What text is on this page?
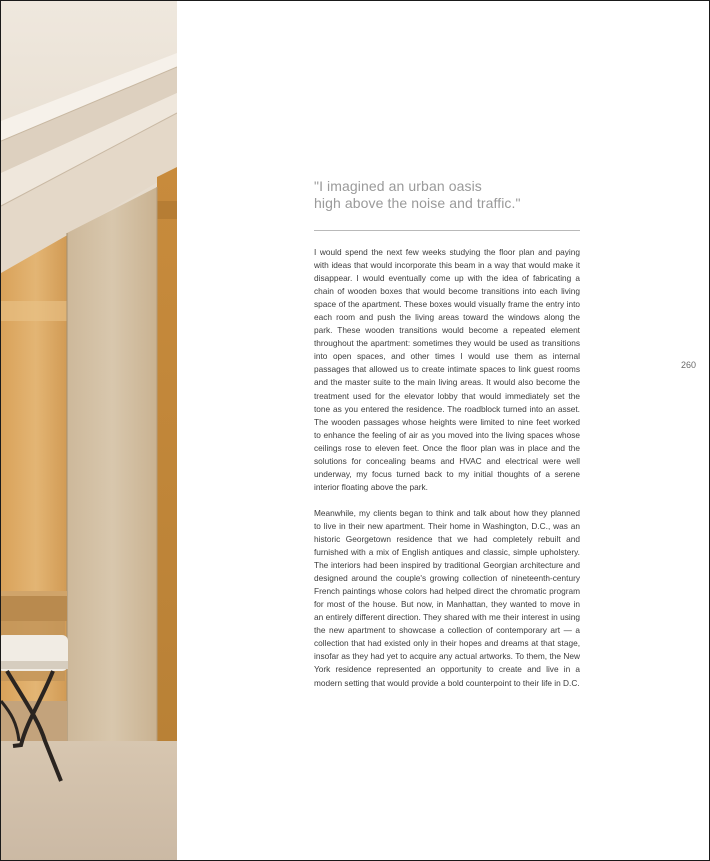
"I imagined an urban oasis
high above the noise and traffic."

I would spend the next few weeks studying the floor plan and paying with ideas that would incorporate this beam in a way that would make it disappear. I would eventually come up with the idea of fabricating a chain of wooden boxes that would become transitions into each living space of the apartment. These boxes would visually frame the entry into each room and push the living areas toward the windows along the park. These wooden transitions would become a repeated element throughout the apartment: sometimes they would be used as transitions into open spaces, and other times I would use them as internal passages that allowed us to create intimate spaces to link guest rooms and the master suite to the main living areas. It would also become the treatment used for the elevator lobby that would immediately set the tone as you entered the residence. The roadblock turned into an asset. The wooden passages whose heights were limited to nine feet worked to enhance the feeling of air as you moved into the living spaces whose ceilings rose to eleven feet. Once the floor plan was in place and the solutions for concealing beams and HVAC and electrical were well underway, my focus turned back to my initial thoughts of a serene interior floating above the park.

Meanwhile, my clients began to think and talk about how they planned to live in their new apartment. Their home in Washington, D.C., was an historic Georgetown residence that we had completely rebuilt and furnished with a mix of English antiques and classic, simple upholstery. The interiors had been inspired by traditional Georgian architecture and designed around the couple's growing collection of nineteenth-century French paintings whose colors had helped direct the chromatic program for most of the house. But now, in Manhattan, they wanted to move in an entirely different direction. They shared with me their interest in using the new apartment to showcase a collection of contemporary art — a collection that had existed only in their hopes and dreams at that stage, insofar as they had yet to acquire any actual artworks. To them, the New York residence represented an opportunity to create and live in a modern setting that would provide a bold counterpoint to their life in D.C.

260
